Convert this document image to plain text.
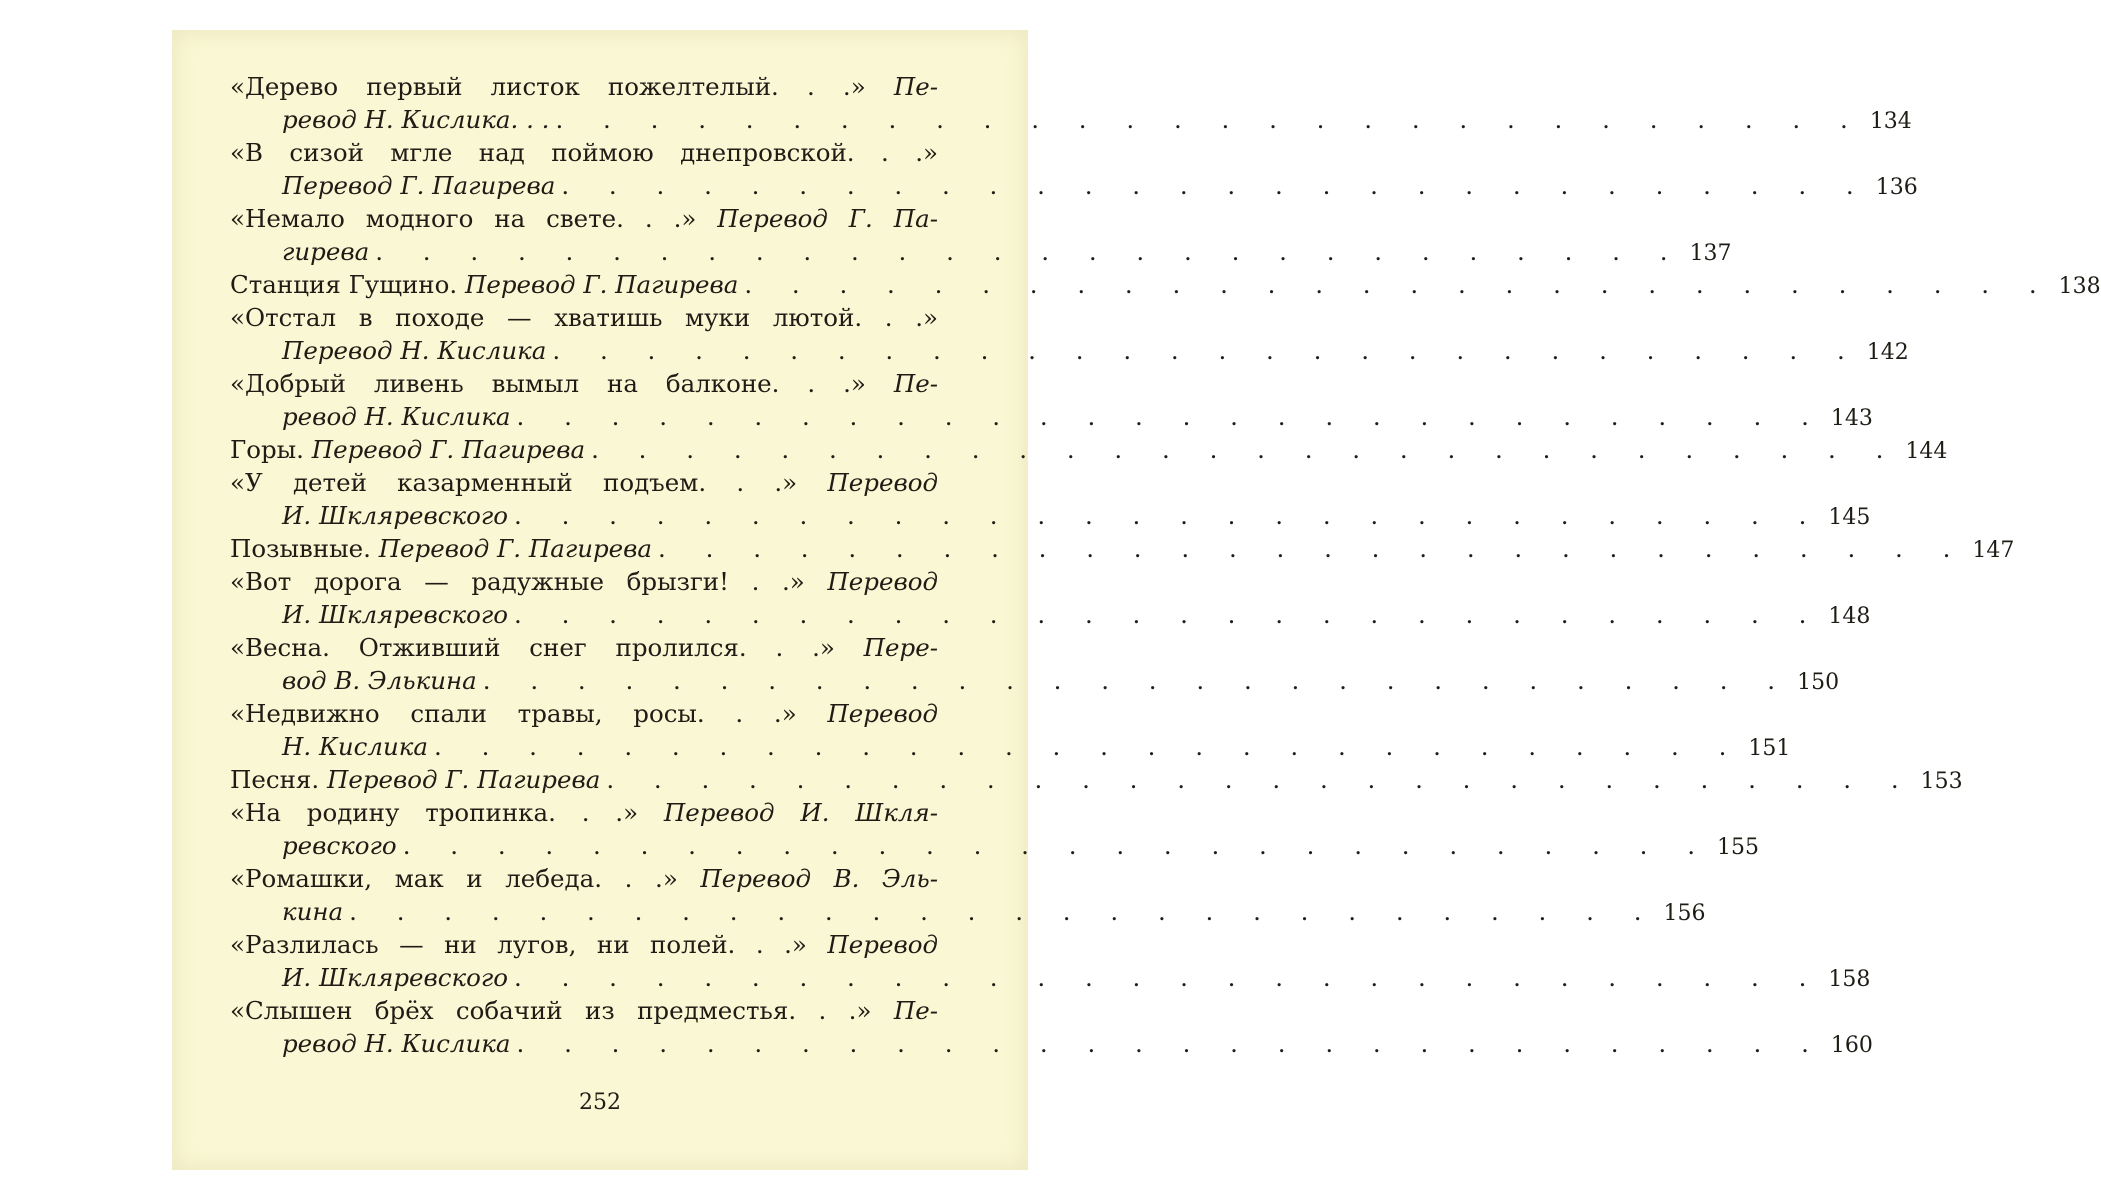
«Дерево первый листок пожелтелый. . .» Пе-
ревод Н. Кислика. . . . . . . . . . . . . . . . . . . . . . . . . . . . . . . 134
«В сизой мгле над поймою днепровской. . .»
Перевод Г. Пагирева . . . . . . . . . . . . . . . . . . . . . . . . . . . . 136
«Немало модного на свете. . .» Перевод Г. Па-
гирева . . . . . . . . . . . . . . . . . . . . . . . . . . . . 137
Станция Гущино. Перевод Г. Пагирева . . . . . . . . . . . . . . . . . . . . . . . . . . . . 138
«Отстал в походе — хватишь муки лютой. . .»
Перевод Н. Кислика . . . . . . . . . . . . . . . . . . . . . . . . . . . . 142
«Добрый ливень вымыл на балконе. . .» Пе-
ревод Н. Кислика . . . . . . . . . . . . . . . . . . . . . . . . . . . . 143
Горы. Перевод Г. Пагирева . . . . . . . . . . . . . . . . . . . . . . . . . . . . 144
«У детей казарменный подъем. . .» Перевод
И. Шкляревского . . . . . . . . . . . . . . . . . . . . . . . . . . . . 145
Позывные. Перевод Г. Пагирева . . . . . . . . . . . . . . . . . . . . . . . . . . . . 147
«Вот дорога — радужные брызги! . .» Перевод
И. Шкляревского . . . . . . . . . . . . . . . . . . . . . . . . . . . . 148
«Весна. Отживший снег пролился. . .» Пере-
вод В. Элькина . . . . . . . . . . . . . . . . . . . . . . . . . . . . 150
«Недвижно спали травы, росы. . .» Перевод
Н. Кислика . . . . . . . . . . . . . . . . . . . . . . . . . . . . 151
Песня. Перевод Г. Пагирева . . . . . . . . . . . . . . . . . . . . . . . . . . . . 153
«На родину тропинка. . .» Перевод И. Шкля-
ревского . . . . . . . . . . . . . . . . . . . . . . . . . . . . 155
«Ромашки, мак и лебеда. . .» Перевод В. Эль-
кина . . . . . . . . . . . . . . . . . . . . . . . . . . . . 156
«Разлилась — ни лугов, ни полей. . .» Перевод
И. Шкляревского . . . . . . . . . . . . . . . . . . . . . . . . . . . . 158
«Слышен брёх собачий из предместья. . .» Пе-
ревод Н. Кислика . . . . . . . . . . . . . . . . . . . . . . . . . . . . 160
252
